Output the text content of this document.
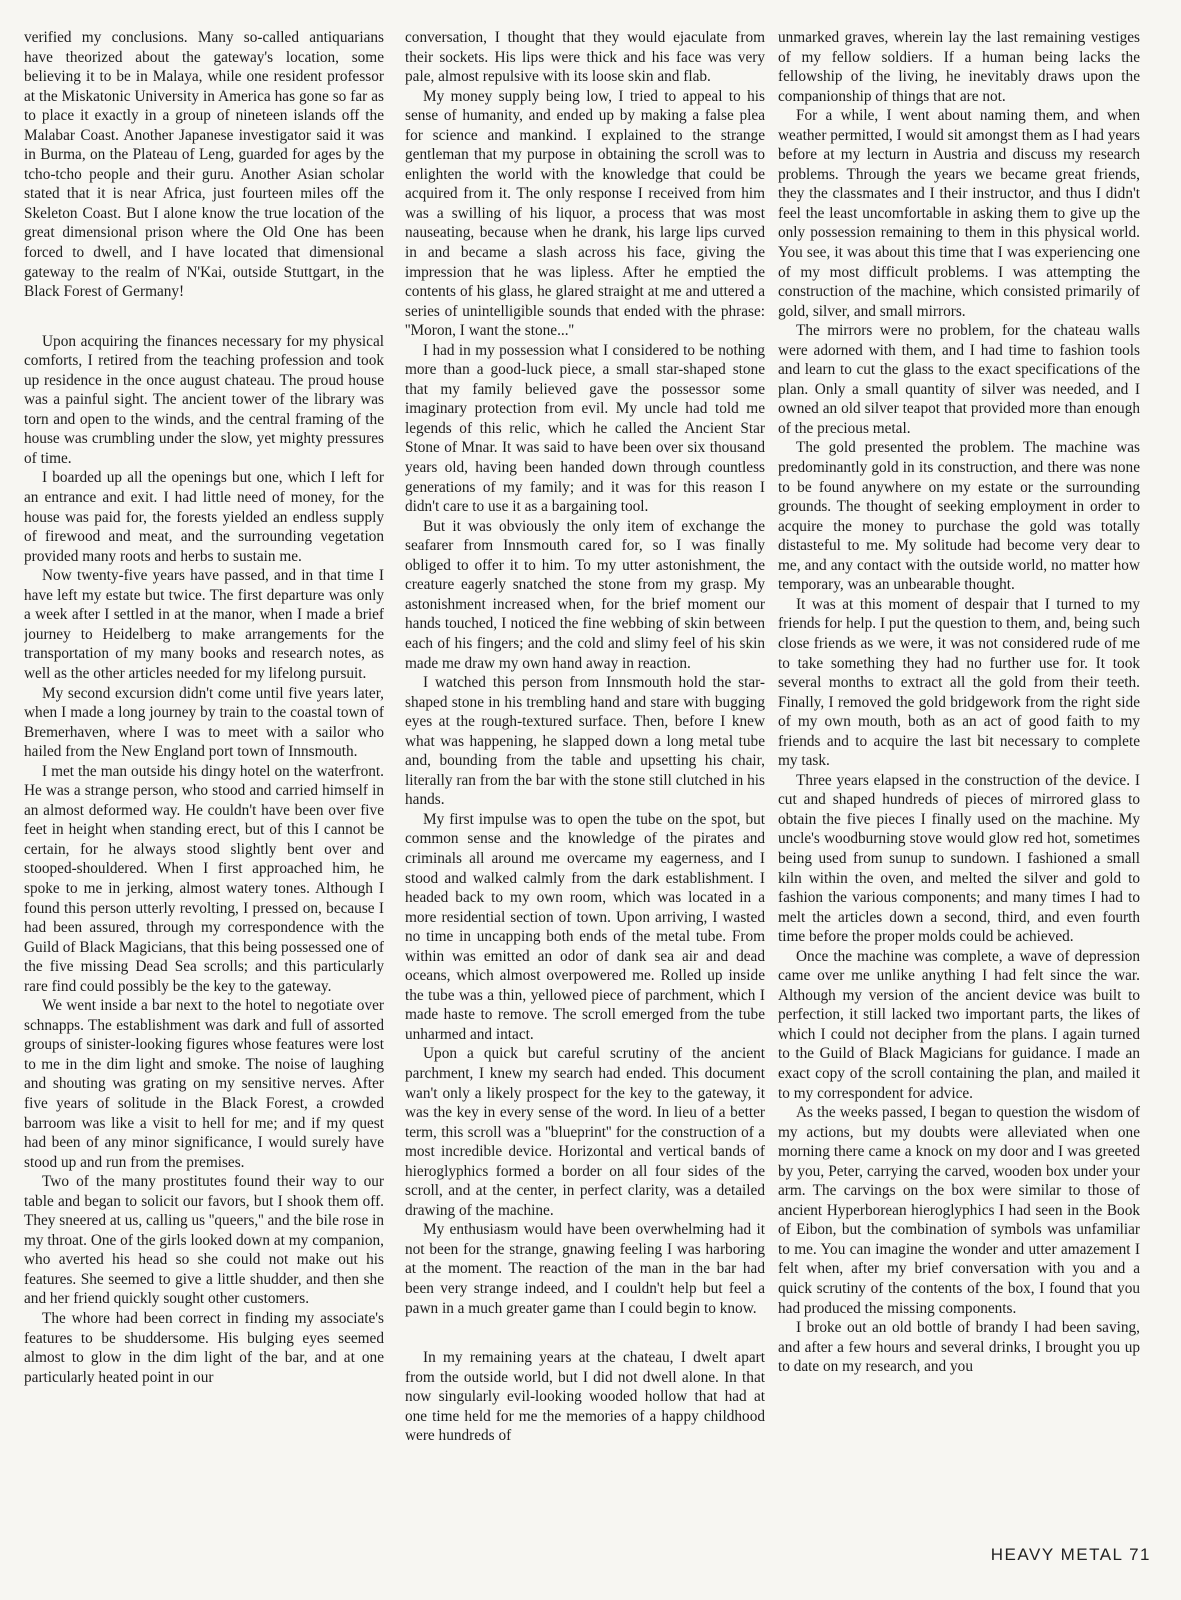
verified my conclusions. Many so-called antiquarians have theorized about the gateway's location, some believing it to be in Malaya, while one resident professor at the Miskatonic University in America has gone so far as to place it exactly in a group of nineteen islands off the Malabar Coast. Another Japanese investigator said it was in Burma, on the Plateau of Leng, guarded for ages by the tcho-tcho people and their guru. Another Asian scholar stated that it is near Africa, just fourteen miles off the Skeleton Coast. But I alone know the true location of the great dimensional prison where the Old One has been forced to dwell, and I have located that dimensional gateway to the realm of N'Kai, outside Stuttgart, in the Black Forest of Germany!

Upon acquiring the finances necessary for my physical comforts, I retired from the teaching profession and took up residence in the once august chateau. The proud house was a painful sight. The ancient tower of the library was torn and open to the winds, and the central framing of the house was crumbling under the slow, yet mighty pressures of time.

I boarded up all the openings but one, which I left for an entrance and exit. I had little need of money, for the house was paid for, the forests yielded an endless supply of firewood and meat, and the surrounding vegetation provided many roots and herbs to sustain me.

Now twenty-five years have passed, and in that time I have left my estate but twice. The first departure was only a week after I settled in at the manor, when I made a brief journey to Heidelberg to make arrangements for the transportation of my many books and research notes, as well as the other articles needed for my lifelong pursuit.

My second excursion didn't come until five years later, when I made a long journey by train to the coastal town of Bremerhaven, where I was to meet with a sailor who hailed from the New England port town of Innsmouth.

I met the man outside his dingy hotel on the waterfront. He was a strange person, who stood and carried himself in an almost deformed way. He couldn't have been over five feet in height when standing erect, but of this I cannot be certain, for he always stood slightly bent over and stooped-shouldered. When I first approached him, he spoke to me in jerking, almost watery tones. Although I found this person utterly revolting, I pressed on, because I had been assured, through my correspondence with the Guild of Black Magicians, that this being possessed one of the five missing Dead Sea scrolls; and this particularly rare find could possibly be the key to the gateway.

We went inside a bar next to the hotel to negotiate over schnapps. The establishment was dark and full of assorted groups of sinister-looking figures whose features were lost to me in the dim light and smoke. The noise of laughing and shouting was grating on my sensitive nerves. After five years of solitude in the Black Forest, a crowded barroom was like a visit to hell for me; and if my quest had been of any minor significance, I would surely have stood up and run from the premises.

Two of the many prostitutes found their way to our table and began to solicit our favors, but I shook them off. They sneered at us, calling us ''queers,'' and the bile rose in my throat. One of the girls looked down at my companion, who averted his head so she could not make out his features. She seemed to give a little shudder, and then she and her friend quickly sought other customers.

The whore had been correct in finding my associate's features to be shuddersome. His bulging eyes seemed almost to glow in the dim light of the bar, and at one particularly heated point in our

conversation, I thought that they would ejaculate from their sockets. His lips were thick and his face was very pale, almost repulsive with its loose skin and flab.

My money supply being low, I tried to appeal to his sense of humanity, and ended up by making a false plea for science and mankind. I explained to the strange gentleman that my purpose in obtaining the scroll was to enlighten the world with the knowledge that could be acquired from it. The only response I received from him was a swilling of his liquor, a process that was most nauseating, because when he drank, his large lips curved in and became a slash across his face, giving the impression that he was lipless. After he emptied the contents of his glass, he glared straight at me and uttered a series of unintelligible sounds that ended with the phrase: ''Moron, I want the stone...''

I had in my possession what I considered to be nothing more than a good-luck piece, a small star-shaped stone that my family believed gave the possessor some imaginary protection from evil. My uncle had told me legends of this relic, which he called the Ancient Star Stone of Mnar. It was said to have been over six thousand years old, having been handed down through countless generations of my family; and it was for this reason I didn't care to use it as a bargaining tool.

But it was obviously the only item of exchange the seafarer from Innsmouth cared for, so I was finally obliged to offer it to him. To my utter astonishment, the creature eagerly snatched the stone from my grasp. My astonishment increased when, for the brief moment our hands touched, I noticed the fine webbing of skin between each of his fingers; and the cold and slimy feel of his skin made me draw my own hand away in reaction.

I watched this person from Innsmouth hold the star-shaped stone in his trembling hand and stare with bugging eyes at the rough-textured surface. Then, before I knew what was happening, he slapped down a long metal tube and, bounding from the table and upsetting his chair, literally ran from the bar with the stone still clutched in his hands.

My first impulse was to open the tube on the spot, but common sense and the knowledge of the pirates and criminals all around me overcame my eagerness, and I stood and walked calmly from the dark establishment. I headed back to my own room, which was located in a more residential section of town. Upon arriving, I wasted no time in uncapping both ends of the metal tube. From within was emitted an odor of dank sea air and dead oceans, which almost overpowered me. Rolled up inside the tube was a thin, yellowed piece of parchment, which I made haste to remove. The scroll emerged from the tube unharmed and intact.

Upon a quick but careful scrutiny of the ancient parchment, I knew my search had ended. This document wan't only a likely prospect for the key to the gateway, it was the key in every sense of the word. In lieu of a better term, this scroll was a ''blueprint'' for the construction of a most incredible device. Horizontal and vertical bands of hieroglyphics formed a border on all four sides of the scroll, and at the center, in perfect clarity, was a detailed drawing of the machine.

My enthusiasm would have been overwhelming had it not been for the strange, gnawing feeling I was harboring at the moment. The reaction of the man in the bar had been very strange indeed, and I couldn't help but feel a pawn in a much greater game than I could begin to know.

In my remaining years at the chateau, I dwelt apart from the outside world, but I did not dwell alone. In that now singularly evil-looking wooded hollow that had at one time held for me the memories of a happy childhood were hundreds of

unmarked graves, wherein lay the last remaining vestiges of my fellow soldiers. If a human being lacks the fellowship of the living, he inevitably draws upon the companionship of things that are not.

For a while, I went about naming them, and when weather permitted, I would sit amongst them as I had years before at my lecturn in Austria and discuss my research problems. Through the years we became great friends, they the classmates and I their instructor, and thus I didn't feel the least uncomfortable in asking them to give up the only possession remaining to them in this physical world. You see, it was about this time that I was experiencing one of my most difficult problems. I was attempting the construction of the machine, which consisted primarily of gold, silver, and small mirrors.

The mirrors were no problem, for the chateau walls were adorned with them, and I had time to fashion tools and learn to cut the glass to the exact specifications of the plan. Only a small quantity of silver was needed, and I owned an old silver teapot that provided more than enough of the precious metal.

The gold presented the problem. The machine was predominantly gold in its construction, and there was none to be found anywhere on my estate or the surrounding grounds. The thought of seeking employment in order to acquire the money to purchase the gold was totally distasteful to me. My solitude had become very dear to me, and any contact with the outside world, no matter how temporary, was an unbearable thought.

It was at this moment of despair that I turned to my friends for help. I put the question to them, and, being such close friends as we were, it was not considered rude of me to take something they had no further use for. It took several months to extract all the gold from their teeth. Finally, I removed the gold bridgework from the right side of my own mouth, both as an act of good faith to my friends and to acquire the last bit necessary to complete my task.

Three years elapsed in the construction of the device. I cut and shaped hundreds of pieces of mirrored glass to obtain the five pieces I finally used on the machine. My uncle's woodburning stove would glow red hot, sometimes being used from sunup to sundown. I fashioned a small kiln within the oven, and melted the silver and gold to fashion the various components; and many times I had to melt the articles down a second, third, and even fourth time before the proper molds could be achieved.

Once the machine was complete, a wave of depression came over me unlike anything I had felt since the war. Although my version of the ancient device was built to perfection, it still lacked two important parts, the likes of which I could not decipher from the plans. I again turned to the Guild of Black Magicians for guidance. I made an exact copy of the scroll containing the plan, and mailed it to my correspondent for advice.

As the weeks passed, I began to question the wisdom of my actions, but my doubts were alleviated when one morning there came a knock on my door and I was greeted by you, Peter, carrying the carved, wooden box under your arm. The carvings on the box were similar to those of ancient Hyperborean hieroglyphics I had seen in the Book of Eibon, but the combination of symbols was unfamiliar to me. You can imagine the wonder and utter amazement I felt when, after my brief conversation with you and a quick scrutiny of the contents of the box, I found that you had produced the missing components.

I broke out an old bottle of brandy I had been saving, and after a few hours and several drinks, I brought you up to date on my research, and you

HEAVY METAL 71
